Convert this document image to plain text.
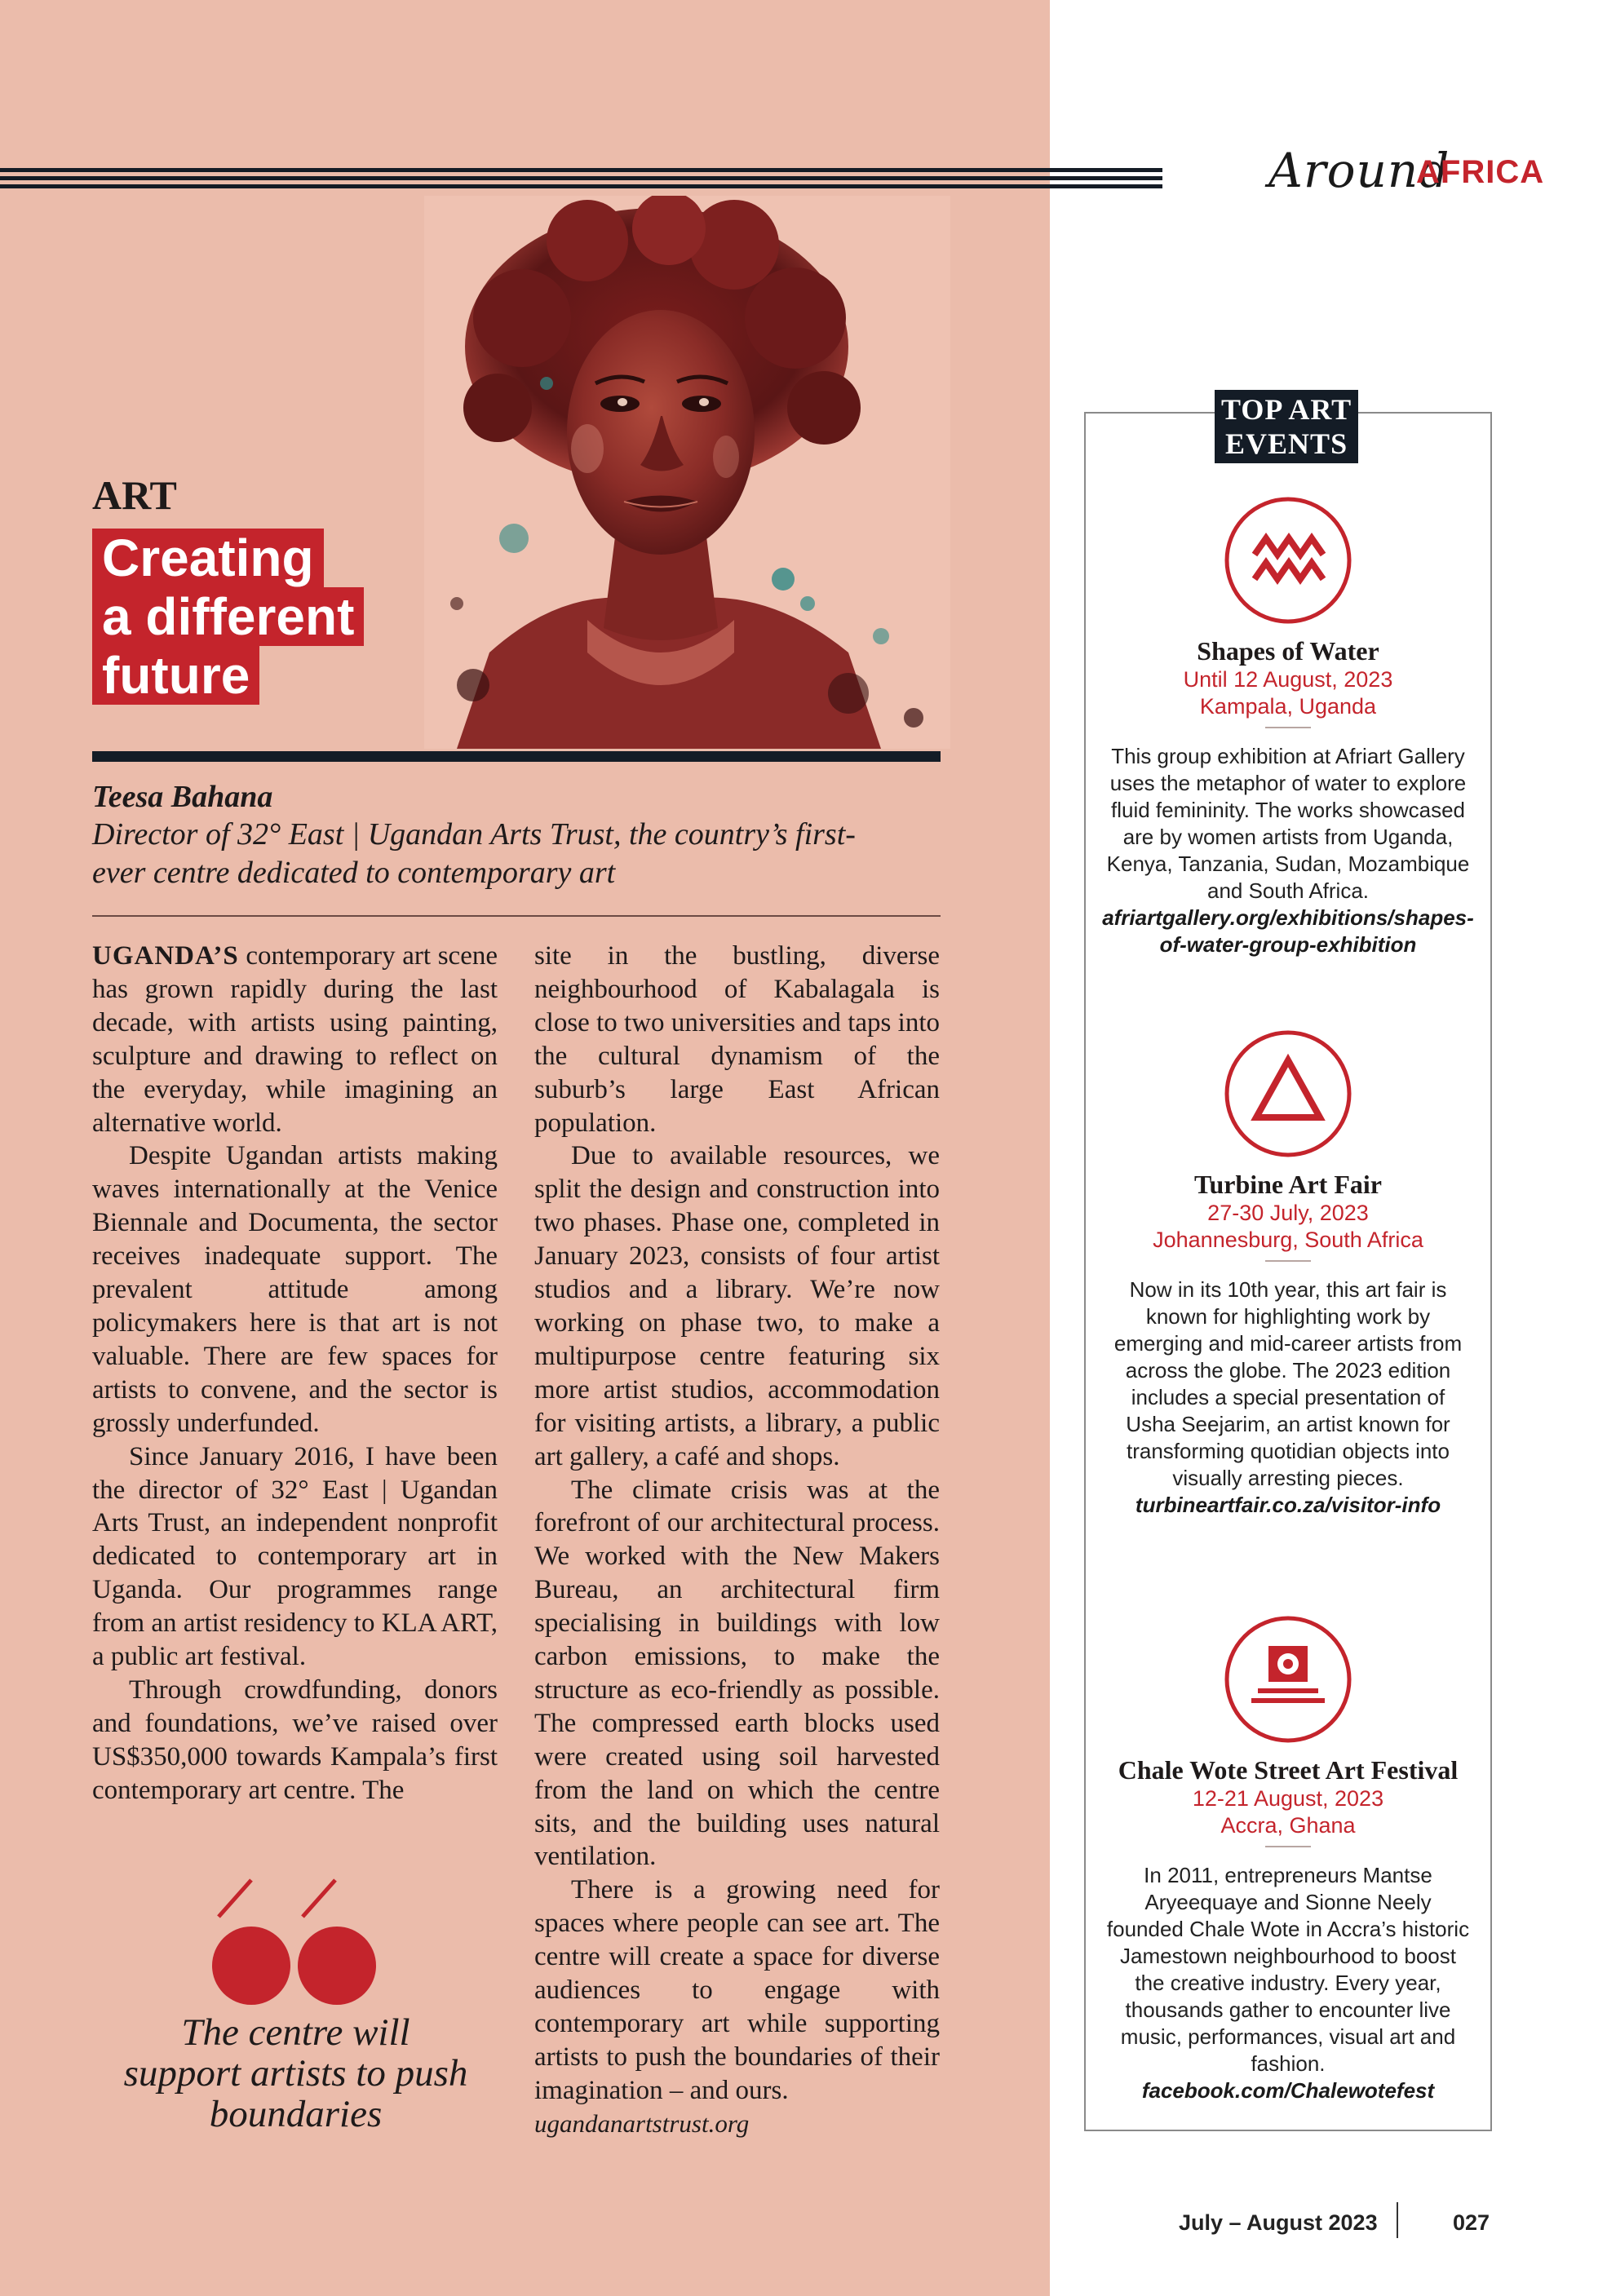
Around
AFRICA
ART
Creating
a different
future
Teesa Bahana
Director of 32° East | Ugandan Arts Trust, the country’s first-ever centre dedicated to contemporary art

UGANDA’S contemporary art scene has grown rapidly during the last decade, with artists using painting, sculpture and drawing to reflect on the everyday, while imagining an alternative world.

Despite Ugandan artists making waves internationally at the Venice Biennale and Documenta, the sector receives inadequate support. The prevalent attitude among policymakers here is that art is not valuable. There are few spaces for artists to convene, and the sector is grossly underfunded.

Since January 2016, I have been the director of 32° East | Ugandan Arts Trust, an independent nonprofit dedicated to contemporary art in Uganda. Our programmes range from an artist residency to KLA ART, a public art festival.

Through crowdfunding, donors and foundations, we’ve raised over US$350,000 towards Kampala’s first contemporary art centre. The

site in the bustling, diverse neighbourhood of Kabalagala is close to two universities and taps into the cultural dynamism of the suburb’s large East African population.

Due to available resources, we split the design and construction into two phases. Phase one, completed in January 2023, consists of four artist studios and a library. We’re now working on phase two, to make a multipurpose centre featuring six more artist studios, accommodation for visiting artists, a library, a public art gallery, a café and shops.

The climate crisis was at the forefront of our architectural process. We worked with the New Makers Bureau, an architectural firm specialising in buildings with low carbon emissions, to make the structure as eco-friendly as possible. The compressed earth blocks used were created using soil harvested from the land on which the centre sits, and the building uses natural ventilation.

There is a growing need for spaces where people can see art. The centre will create a space for diverse audiences to engage with contemporary art while supporting artists to push the boundaries of their imagination – and ours.

ugandanartstrust.org
The centre will support artists to push boundaries
TOP ART
EVENTS
Shapes of Water
Until 12 August, 2023
Kampala, Uganda
This group exhibition at Afriart Gallery uses the metaphor of water to explore fluid femininity. The works showcased are by women artists from Uganda, Kenya, Tanzania, Sudan, Mozambique and South Africa.
afriartgallery.org/exhibitions/shapes-of-water-group-exhibition
Turbine Art Fair
27-30 July, 2023
Johannesburg, South Africa
Now in its 10th year, this art fair is known for highlighting work by emerging and mid-career artists from across the globe. The 2023 edition includes a special presentation of Usha Seejarim, an artist known for transforming quotidian objects into visually arresting pieces.
turbineartfair.co.za/visitor-info
Chale Wote Street Art Festival
12-21 August, 2023
Accra, Ghana
In 2011, entrepreneurs Mantse Aryeequaye and Sionne Neely founded Chale Wote in Accra’s historic Jamestown neighbourhood to boost the creative industry. Every year, thousands gather to encounter live music, performances, visual art and fashion.
facebook.com/Chalewotefest
July – August 2023	027
